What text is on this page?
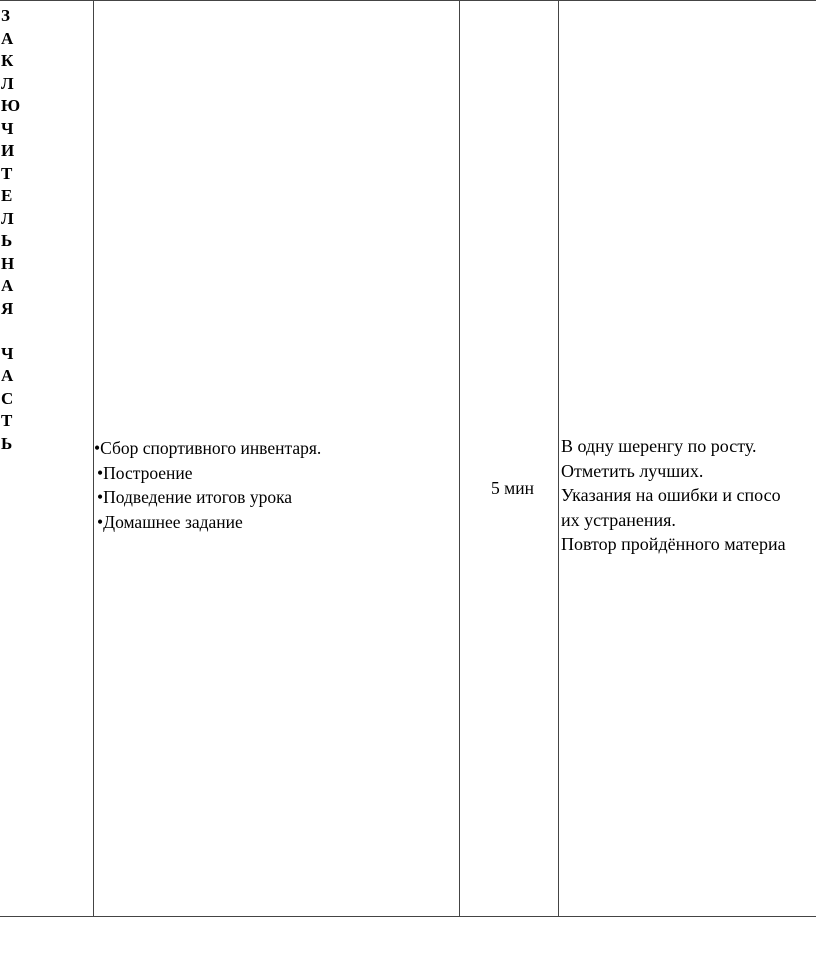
З
А
К
Л
Ю
Ч
И
Т
Е
Л
Ь
Н
А
Я
Ч
А
С
Т
Ь	•Сбор спортивного инвентаря.
•Построение
•Подведение итогов урока
•Домашнее задание
5 мин
В одну шеренгу по росту.
Отметить лучших.
Указания на ошибки и спосо
их устранения.
Повтор пройдённого материа
